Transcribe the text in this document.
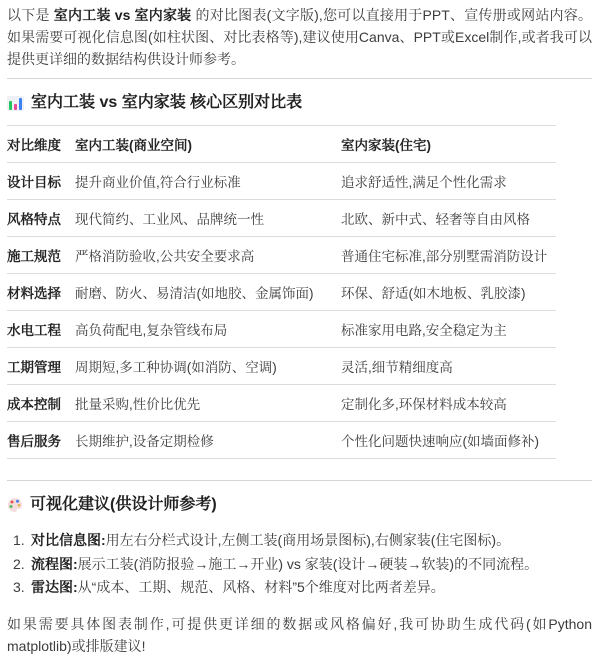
以下是 室内工装 vs 室内家装 的对比图表(文字版),您可以直接用于PPT、宣传册或网站内容。如果需要可视化信息图(如柱状图、对比表格等),建议使用Canva、PPT或Excel制作,或者我可以提供更详细的数据结构供设计师参考。

室内工装 vs 室内家装 核心区别对比表
对比维度	室内工装(商业空间)	室内家装(住宅)
设计目标	提升商业价值,符合行业标准	追求舒适性,满足个性化需求
风格特点	现代简约、工业风、品牌统一性	北欧、新中式、轻奢等自由风格
施工规范	严格消防验收,公共安全要求高	普通住宅标准,部分别墅需消防设计
材料选择	耐磨、防火、易清洁(如地胶、金属饰面)	环保、舒适(如木地板、乳胶漆)
水电工程	高负荷配电,复杂管线布局	标准家用电路,安全稳定为主
工期管理	周期短,多工种协调(如消防、空调)	灵活,细节精细度高
成本控制	批量采购,性价比优先	定制化多,环保材料成本较高
售后服务	长期维护,设备定期检修	个性化问题快速响应(如墙面修补)
可视化建议(供设计师参考)
1. 对比信息图:用左右分栏式设计,左侧工装(商用场景图标),右侧家装(住宅图标)。
2. 流程图:展示工装(消防报验→施工→开业) vs 家装(设计→硬装→软装)的不同流程。
3. 雷达图:从“成本、工期、规范、风格、材料”5个维度对比两者差异。

如果需要具体图表制作,可提供更详细的数据或风格偏好,我可协助生成代码(如Python matplotlib)或排版建议!
